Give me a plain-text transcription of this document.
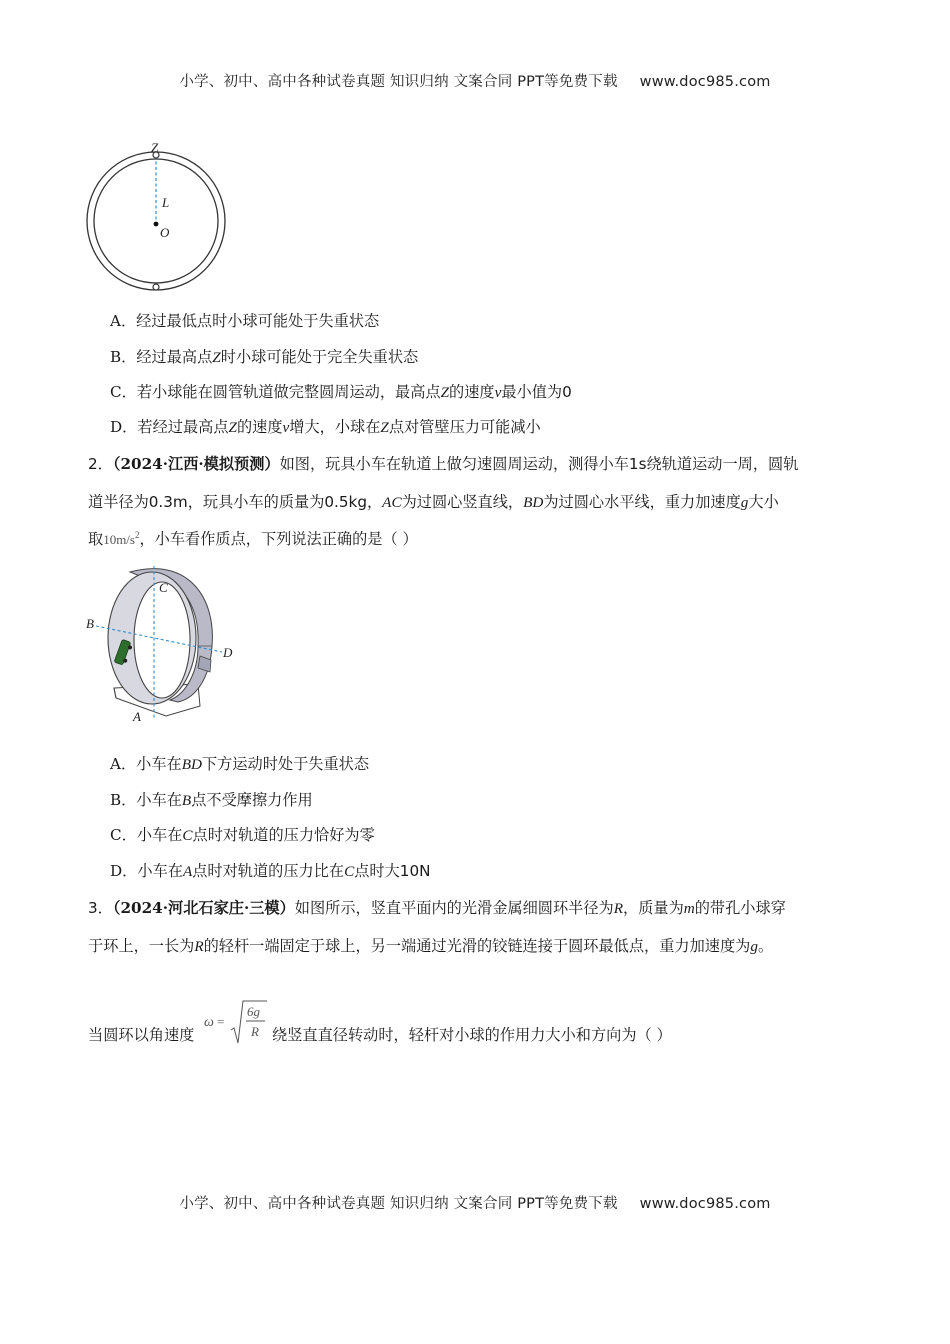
小学、初中、高中各种试卷真题 知识归纳 文案合同 PPT等免费下载 www.doc985.com
Z
L
O
A．经过最低点时小球可能处于失重状态
B．经过最高点Z时小球可能处于完全失重状态
C．若小球能在圆管轨道做完整圆周运动，最高点Z的速度v最小值为0
D．若经过最高点Z的速度v增大，小球在Z点对管壁压力可能减小
2．（2024·江西·模拟预测）如图，玩具小车在轨道上做匀速圆周运动，测得小车1s绕轨道运动一周，圆轨
道半径为0.3m，玩具小车的质量为0.5kg，AC为过圆心竖直线，BD为过圆心水平线，重力加速度g大小
取$10m/s^2$，小车看作质点，下列说法正确的是（ ）
C
B
D
A
A．小车在BD下方运动时处于失重状态
B．小车在B点不受摩擦力作用
C．小车在C点时对轨道的压力恰好为零
D．小车在A点时对轨道的压力比在C点时大10N
3．（2024·河北石家庄·三模）如图所示，竖直平面内的光滑金属细圆环半径为R，质量为m的带孔小球穿
于环上，一长为R的轻杆一端固定于球上，另一端通过光滑的铰链连接于圆环最低点，重力加速度为g。
当圆环以角速度
ω =
6g
R 绕竖直直径转动时，轻杆对小球的作用力大小和方向为（ ）
小学、初中、高中各种试卷真题 知识归纳 文案合同 PPT等免费下载 www.doc985.com
